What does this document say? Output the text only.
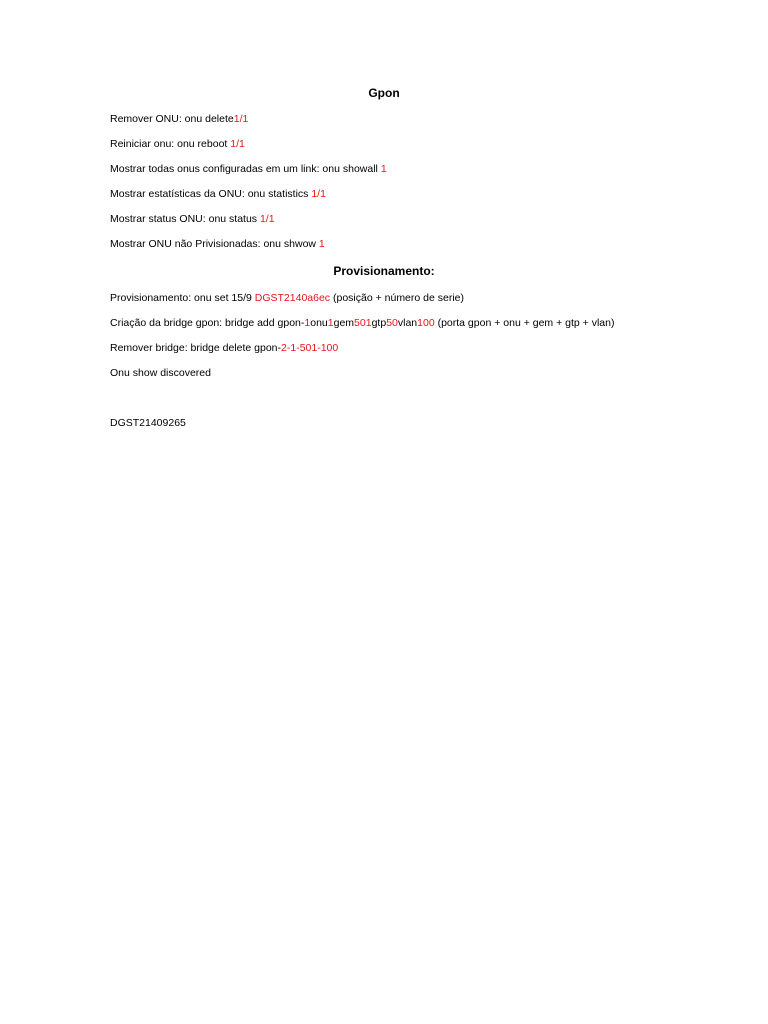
Gpon

Remover ONU: onu delete1/1

Reiniciar onu: onu reboot 1/1

Mostrar todas onus configuradas em um link: onu showall 1

Mostrar estatísticas da ONU: onu statistics 1/1

Mostrar status ONU: onu status 1/1

Mostrar ONU não Privisionadas: onu shwow 1

Provisionamento:

Provisionamento: onu set 15/9 DGST2140a6ec (posição + número de serie)

Criação da bridge gpon: bridge add gpon-1onu1gem501gtp50vlan100 (porta gpon + onu + gem + gtp + vlan)

Remover bridge: bridge delete gpon-2-1-501-100

Onu show discovered

DGST21409265
